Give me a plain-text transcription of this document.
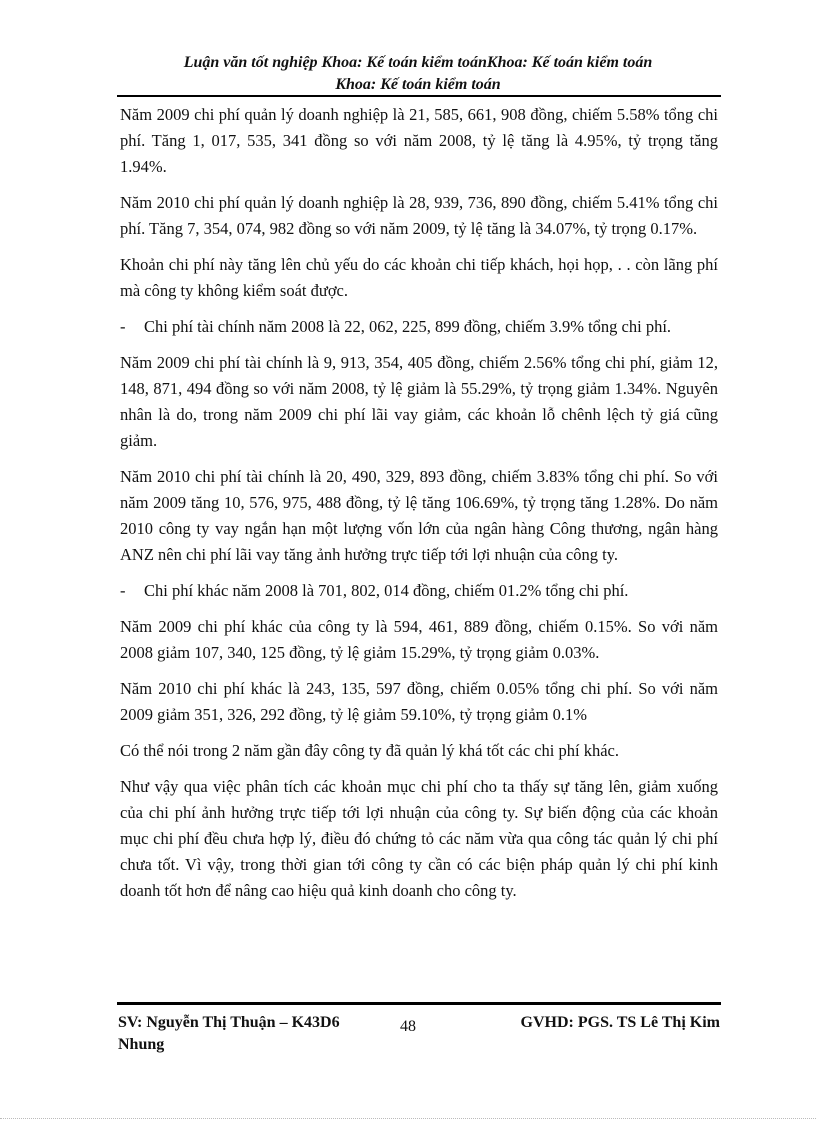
Luận văn tốt nghiệp Khoa: Kế toán kiểm toánKhoa: Kế toán kiểm toán
Khoa: Kế toán kiểm toán

Năm 2009 chi phí quản lý doanh nghiệp là 21, 585, 661, 908 đồng, chiếm 5.58% tổng chi phí. Tăng 1, 017, 535, 341 đồng so với năm 2008, tỷ lệ tăng là 4.95%, tỷ trọng tăng 1.94%.

Năm 2010 chi phí quản lý doanh nghiệp là 28, 939, 736, 890 đồng, chiếm 5.41% tổng chi phí. Tăng 7, 354, 074, 982 đồng so với năm 2009, tỷ lệ tăng là 34.07%, tỷ trọng 0.17%.

Khoản chi phí này tăng lên chủ yếu do các khoản chi tiếp khách, họi họp, . . còn lãng phí mà công ty không kiểm soát được.

- Chi phí tài chính năm 2008 là 22, 062, 225, 899 đồng, chiếm 3.9% tổng chi phí.

Năm 2009 chi phí tài chính là 9, 913, 354, 405 đồng, chiếm 2.56% tổng chi phí, giảm 12, 148, 871, 494 đồng so với năm 2008, tỷ lệ giảm là 55.29%, tỷ trọng giảm 1.34%. Nguyên nhân là do, trong năm 2009 chi phí lãi vay giảm, các khoản lỗ chênh lệch tỷ giá cũng giảm.

Năm 2010 chi phí tài chính là 20, 490, 329, 893 đồng, chiếm 3.83% tổng chi phí. So với năm 2009 tăng 10, 576, 975, 488 đồng, tỷ lệ tăng 106.69%, tỷ trọng tăng 1.28%. Do năm 2010 công ty vay ngắn hạn một lượng vốn lớn của ngân hàng Công thương, ngân hàng ANZ nên chi phí lãi vay tăng ảnh hưởng trực tiếp tới lợi nhuận của công ty.

- Chi phí khác năm 2008 là 701, 802, 014 đồng, chiếm 01.2% tổng chi phí.

Năm 2009 chi phí khác của công ty là 594, 461, 889 đồng, chiếm 0.15%. So với năm 2008 giảm 107, 340, 125 đồng, tỷ lệ giảm 15.29%, tỷ trọng giảm 0.03%.

Năm 2010 chi phí khác là 243, 135, 597 đồng, chiếm 0.05% tổng chi phí. So với năm 2009 giảm 351, 326, 292 đồng, tỷ lệ giảm 59.10%, tỷ trọng giảm 0.1%

Có thể nói trong 2 năm gần đây công ty đã quản lý khá tốt các chi phí khác.

Như vậy qua việc phân tích các khoản mục chi phí cho ta thấy sự tăng lên, giảm xuống của chi phí ảnh hưởng trực tiếp tới lợi nhuận của công ty. Sự biến động của các khoản mục chi phí đều chưa hợp lý, điều đó chứng tỏ các năm vừa qua công tác quản lý chi phí chưa tốt. Vì vậy, trong thời gian tới công ty cần có các biện pháp quản lý chi phí kinh doanh tốt hơn để nâng cao hiệu quả kinh doanh cho công ty.

SV: Nguyễn Thị Thuận – K43D6
Nhung
48	GVHD: PGS. TS Lê Thị Kim
